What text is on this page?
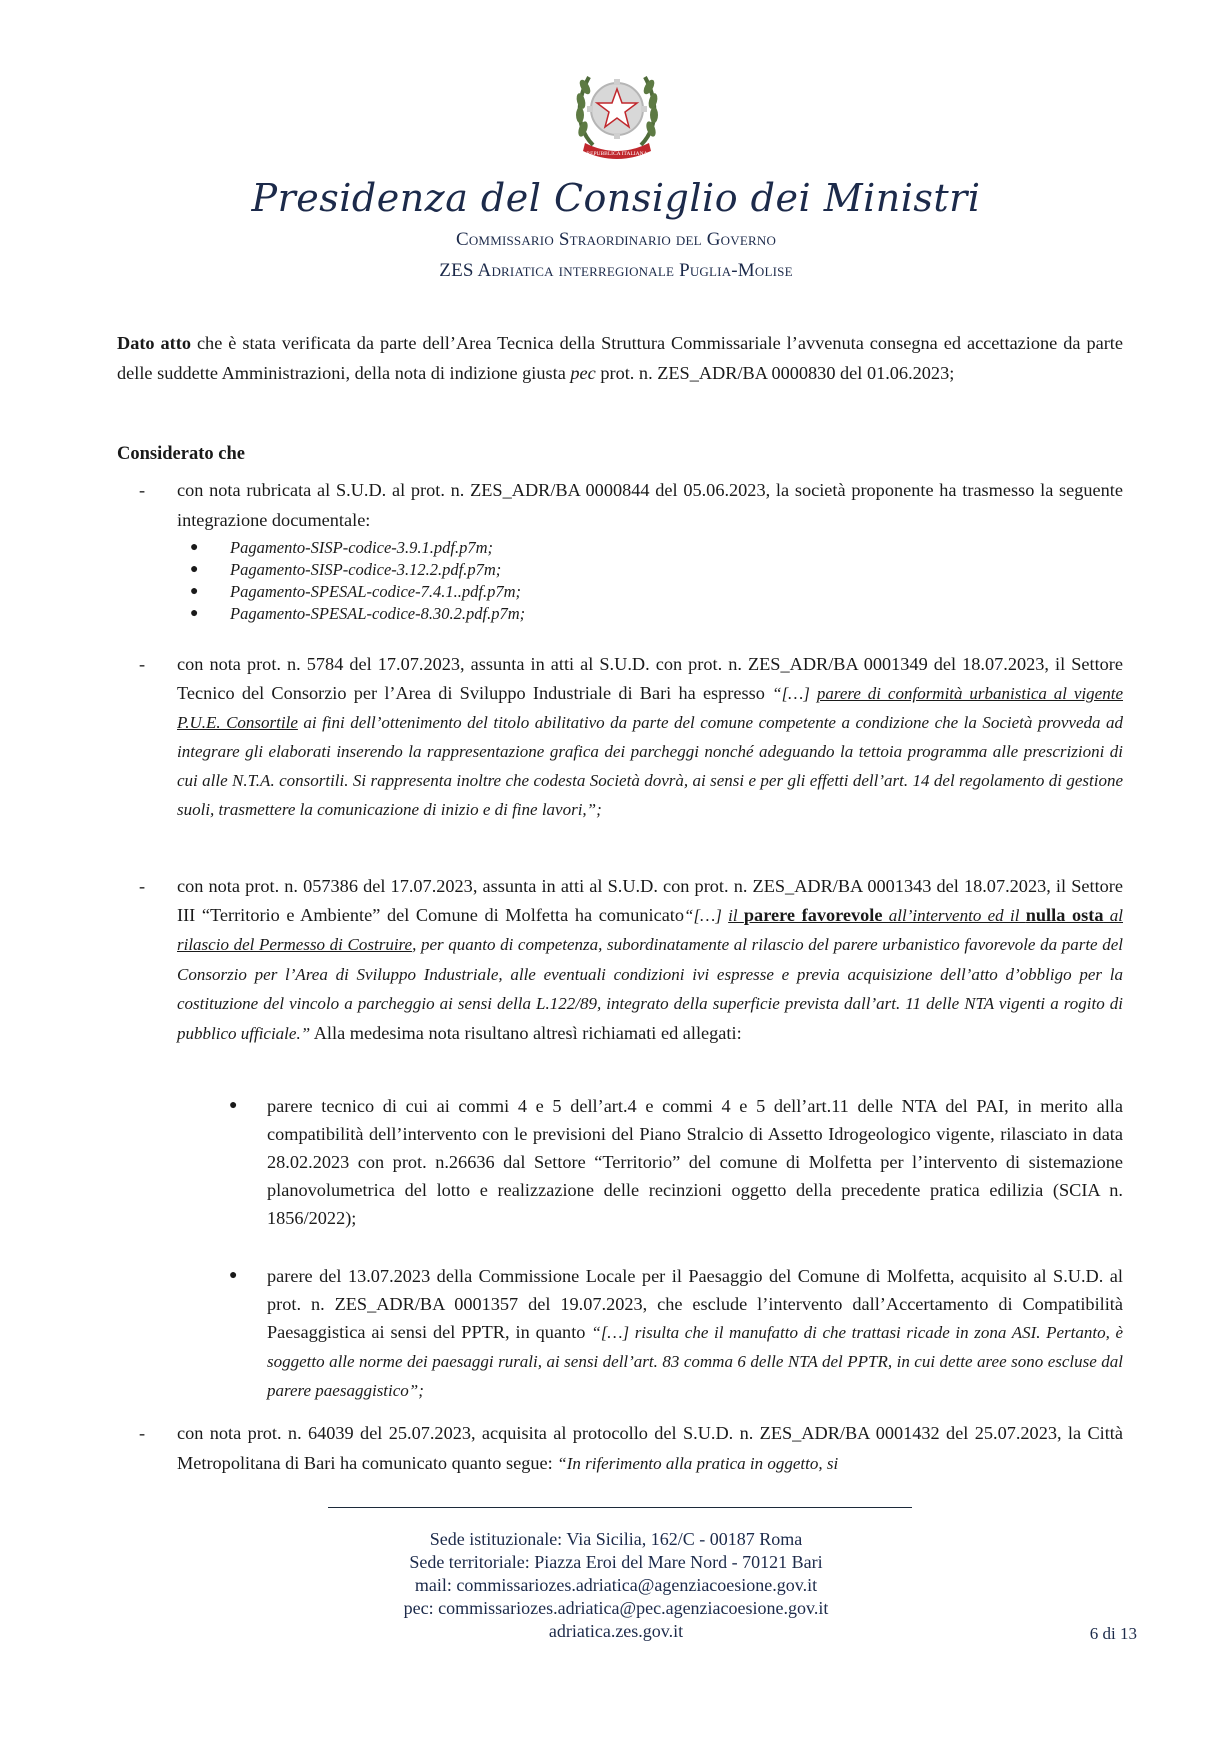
REPUBBLICA ITALIANA
Presidenza del Consiglio dei Ministri
Commissario Straordinario del Governo
ZES Adriatica interregionale Puglia-Molise
Dato atto che è stata verificata da parte dell’Area Tecnica della Struttura Commissariale l’avvenuta consegna ed accettazione da parte delle suddette Amministrazioni, della nota di indizione giusta pec prot. n. ZES_ADR/BA 0000830 del 01.06.2023;
Considerato che
- con nota rubricata al S.U.D. al prot. n. ZES_ADR/BA 0000844 del 05.06.2023, la società proponente ha trasmesso la seguente integrazione documentale:
● Pagamento-SISP-codice-3.9.1.pdf.p7m;
● Pagamento-SISP-codice-3.12.2.pdf.p7m;
● Pagamento-SPESAL-codice-7.4.1..pdf.p7m;
● Pagamento-SPESAL-codice-8.30.2.pdf.p7m;
- con nota prot. n. 5784 del 17.07.2023, assunta in atti al S.U.D. con prot. n. ZES_ADR/BA 0001349 del 18.07.2023, il Settore Tecnico del Consorzio per l’Area di Sviluppo Industriale di Bari ha espresso “[…] parere di conformità urbanistica al vigente P.U.E. Consortile ai fini dell’ottenimento del titolo abilitativo da parte del comune competente a condizione che la Società provveda ad integrare gli elaborati inserendo la rappresentazione grafica dei parcheggi nonché adeguando la tettoia programma alle prescrizioni di cui alle N.T.A. consortili. Si rappresenta inoltre che codesta Società dovrà, ai sensi e per gli effetti dell’art. 14 del regolamento di gestione suoli, trasmettere la comunicazione di inizio e di fine lavori,”;
- con nota prot. n. 057386 del 17.07.2023, assunta in atti al S.U.D. con prot. n. ZES_ADR/BA 0001343 del 18.07.2023, il Settore III “Territorio e Ambiente” del Comune di Molfetta ha comunicato“[…] il parere favorevole all’intervento ed il nulla osta al rilascio del Permesso di Costruire, per quanto di competenza, subordinatamente al rilascio del parere urbanistico favorevole da parte del Consorzio per l’Area di Sviluppo Industriale, alle eventuali condizioni ivi espresse e previa acquisizione dell’atto d’obbligo per la costituzione del vincolo a parcheggio ai sensi della L.122/89, integrato della superficie prevista dall’art. 11 delle NTA vigenti a rogito di pubblico ufficiale.” Alla medesima nota risultano altresì richiamati ed allegati:
● parere tecnico di cui ai commi 4 e 5 dell’art.4 e commi 4 e 5 dell’art.11 delle NTA del PAI, in merito alla compatibilità dell’intervento con le previsioni del Piano Stralcio di Assetto Idrogeologico vigente, rilasciato in data 28.02.2023 con prot. n.26636 dal Settore “Territorio” del comune di Molfetta per l’intervento di sistemazione planovolumetrica del lotto e realizzazione delle recinzioni oggetto della precedente pratica edilizia (SCIA n. 1856/2022);
● parere del 13.07.2023 della Commissione Locale per il Paesaggio del Comune di Molfetta, acquisito al S.U.D. al prot. n. ZES_ADR/BA 0001357 del 19.07.2023, che esclude l’intervento dall’Accertamento di Compatibilità Paesaggistica ai sensi del PPTR, in quanto “[…] risulta che il manufatto di che trattasi ricade in zona ASI. Pertanto, è soggetto alle norme dei paesaggi rurali, ai sensi dell’art. 83 comma 6 delle NTA del PPTR, in cui dette aree sono escluse dal parere paesaggistico”;
- con nota prot. n. 64039 del 25.07.2023, acquisita al protocollo del S.U.D. n. ZES_ADR/BA 0001432 del 25.07.2023, la Città Metropolitana di Bari ha comunicato quanto segue: “In riferimento alla pratica in oggetto, si
Sede istituzionale: Via Sicilia, 162/C - 00187 Roma
Sede territoriale: Piazza Eroi del Mare Nord - 70121 Bari
mail: commissariozes.adriatica@agenziacoesione.gov.it
pec: commissariozes.adriatica@pec.agenziacoesione.gov.it
adriatica.zes.gov.it	6 di 13
